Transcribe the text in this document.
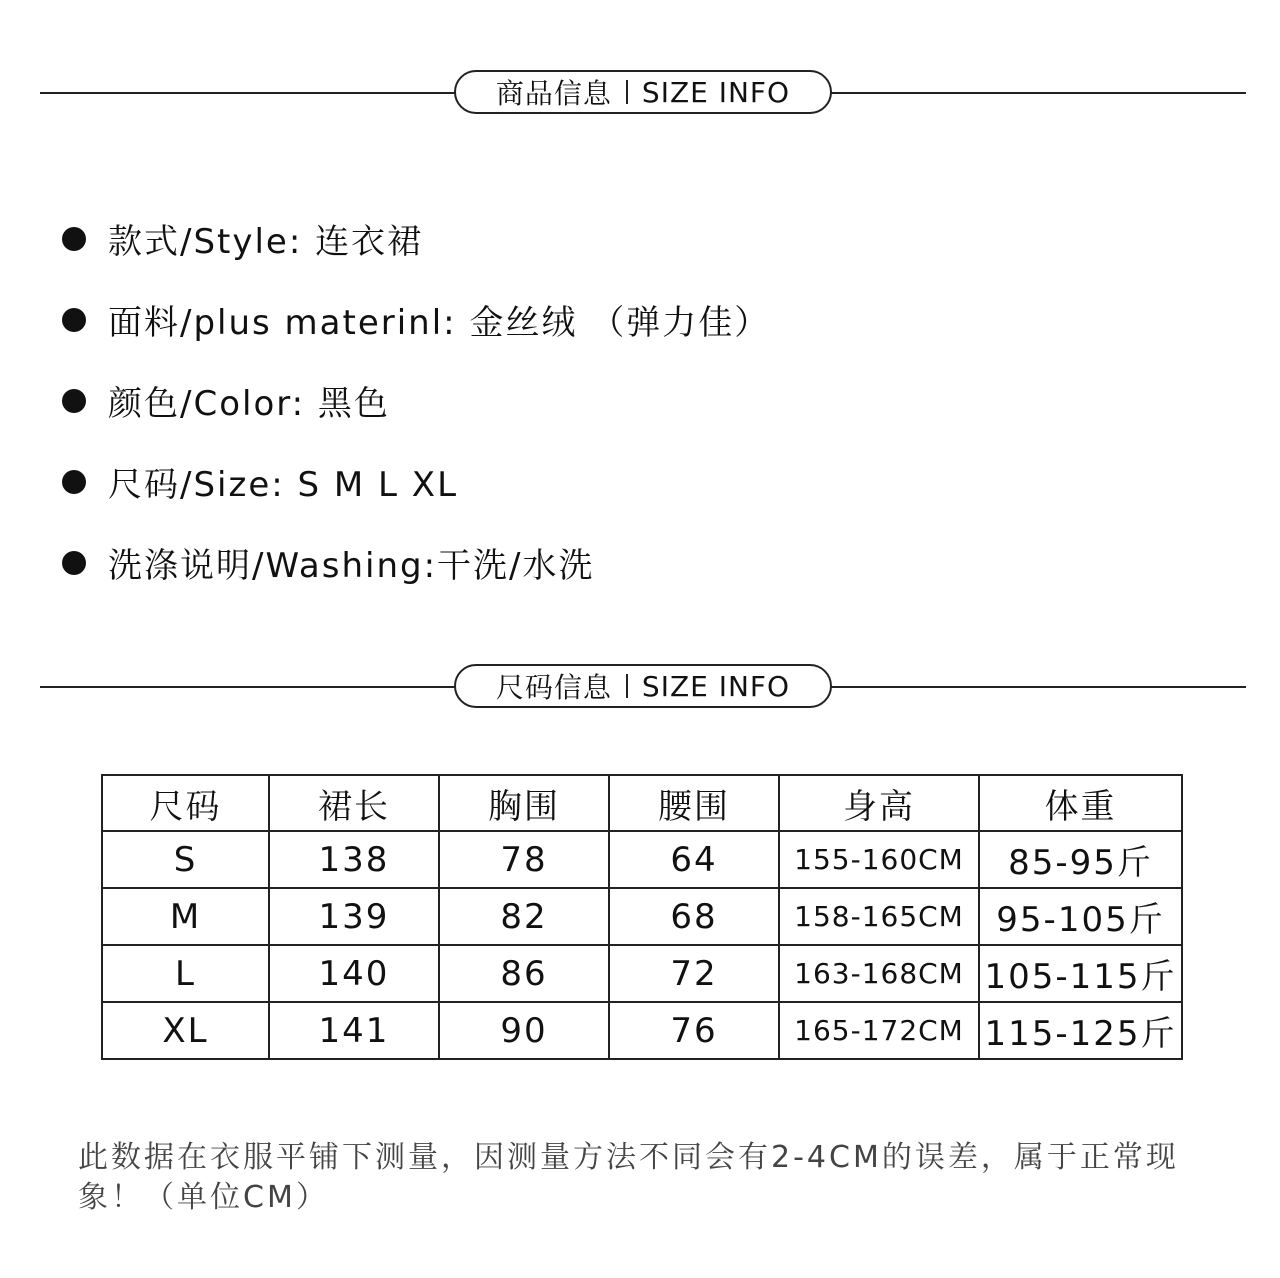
商品信息 SIZE INFO
款式/Style: 连衣裙
面料/plus materinl: 金丝绒 （弹力佳）
颜色/Color: 黑色
尺码/Size: S M L XL
洗涤说明/Washing:干洗/水洗
尺码信息 SIZE INFO
尺码	裙长	胸围	腰围	身高	体重
S	138	78	64	155-160CM	85-95斤
M	139	82	68	158-165CM	95-105斤
L	140	86	72	163-168CM	105-115斤
XL	141	90	76	165-172CM	115-125斤
此数据在衣服平铺下测量，因测量方法不同会有2-4CM的误差，属于正常现象！（单位CM）
